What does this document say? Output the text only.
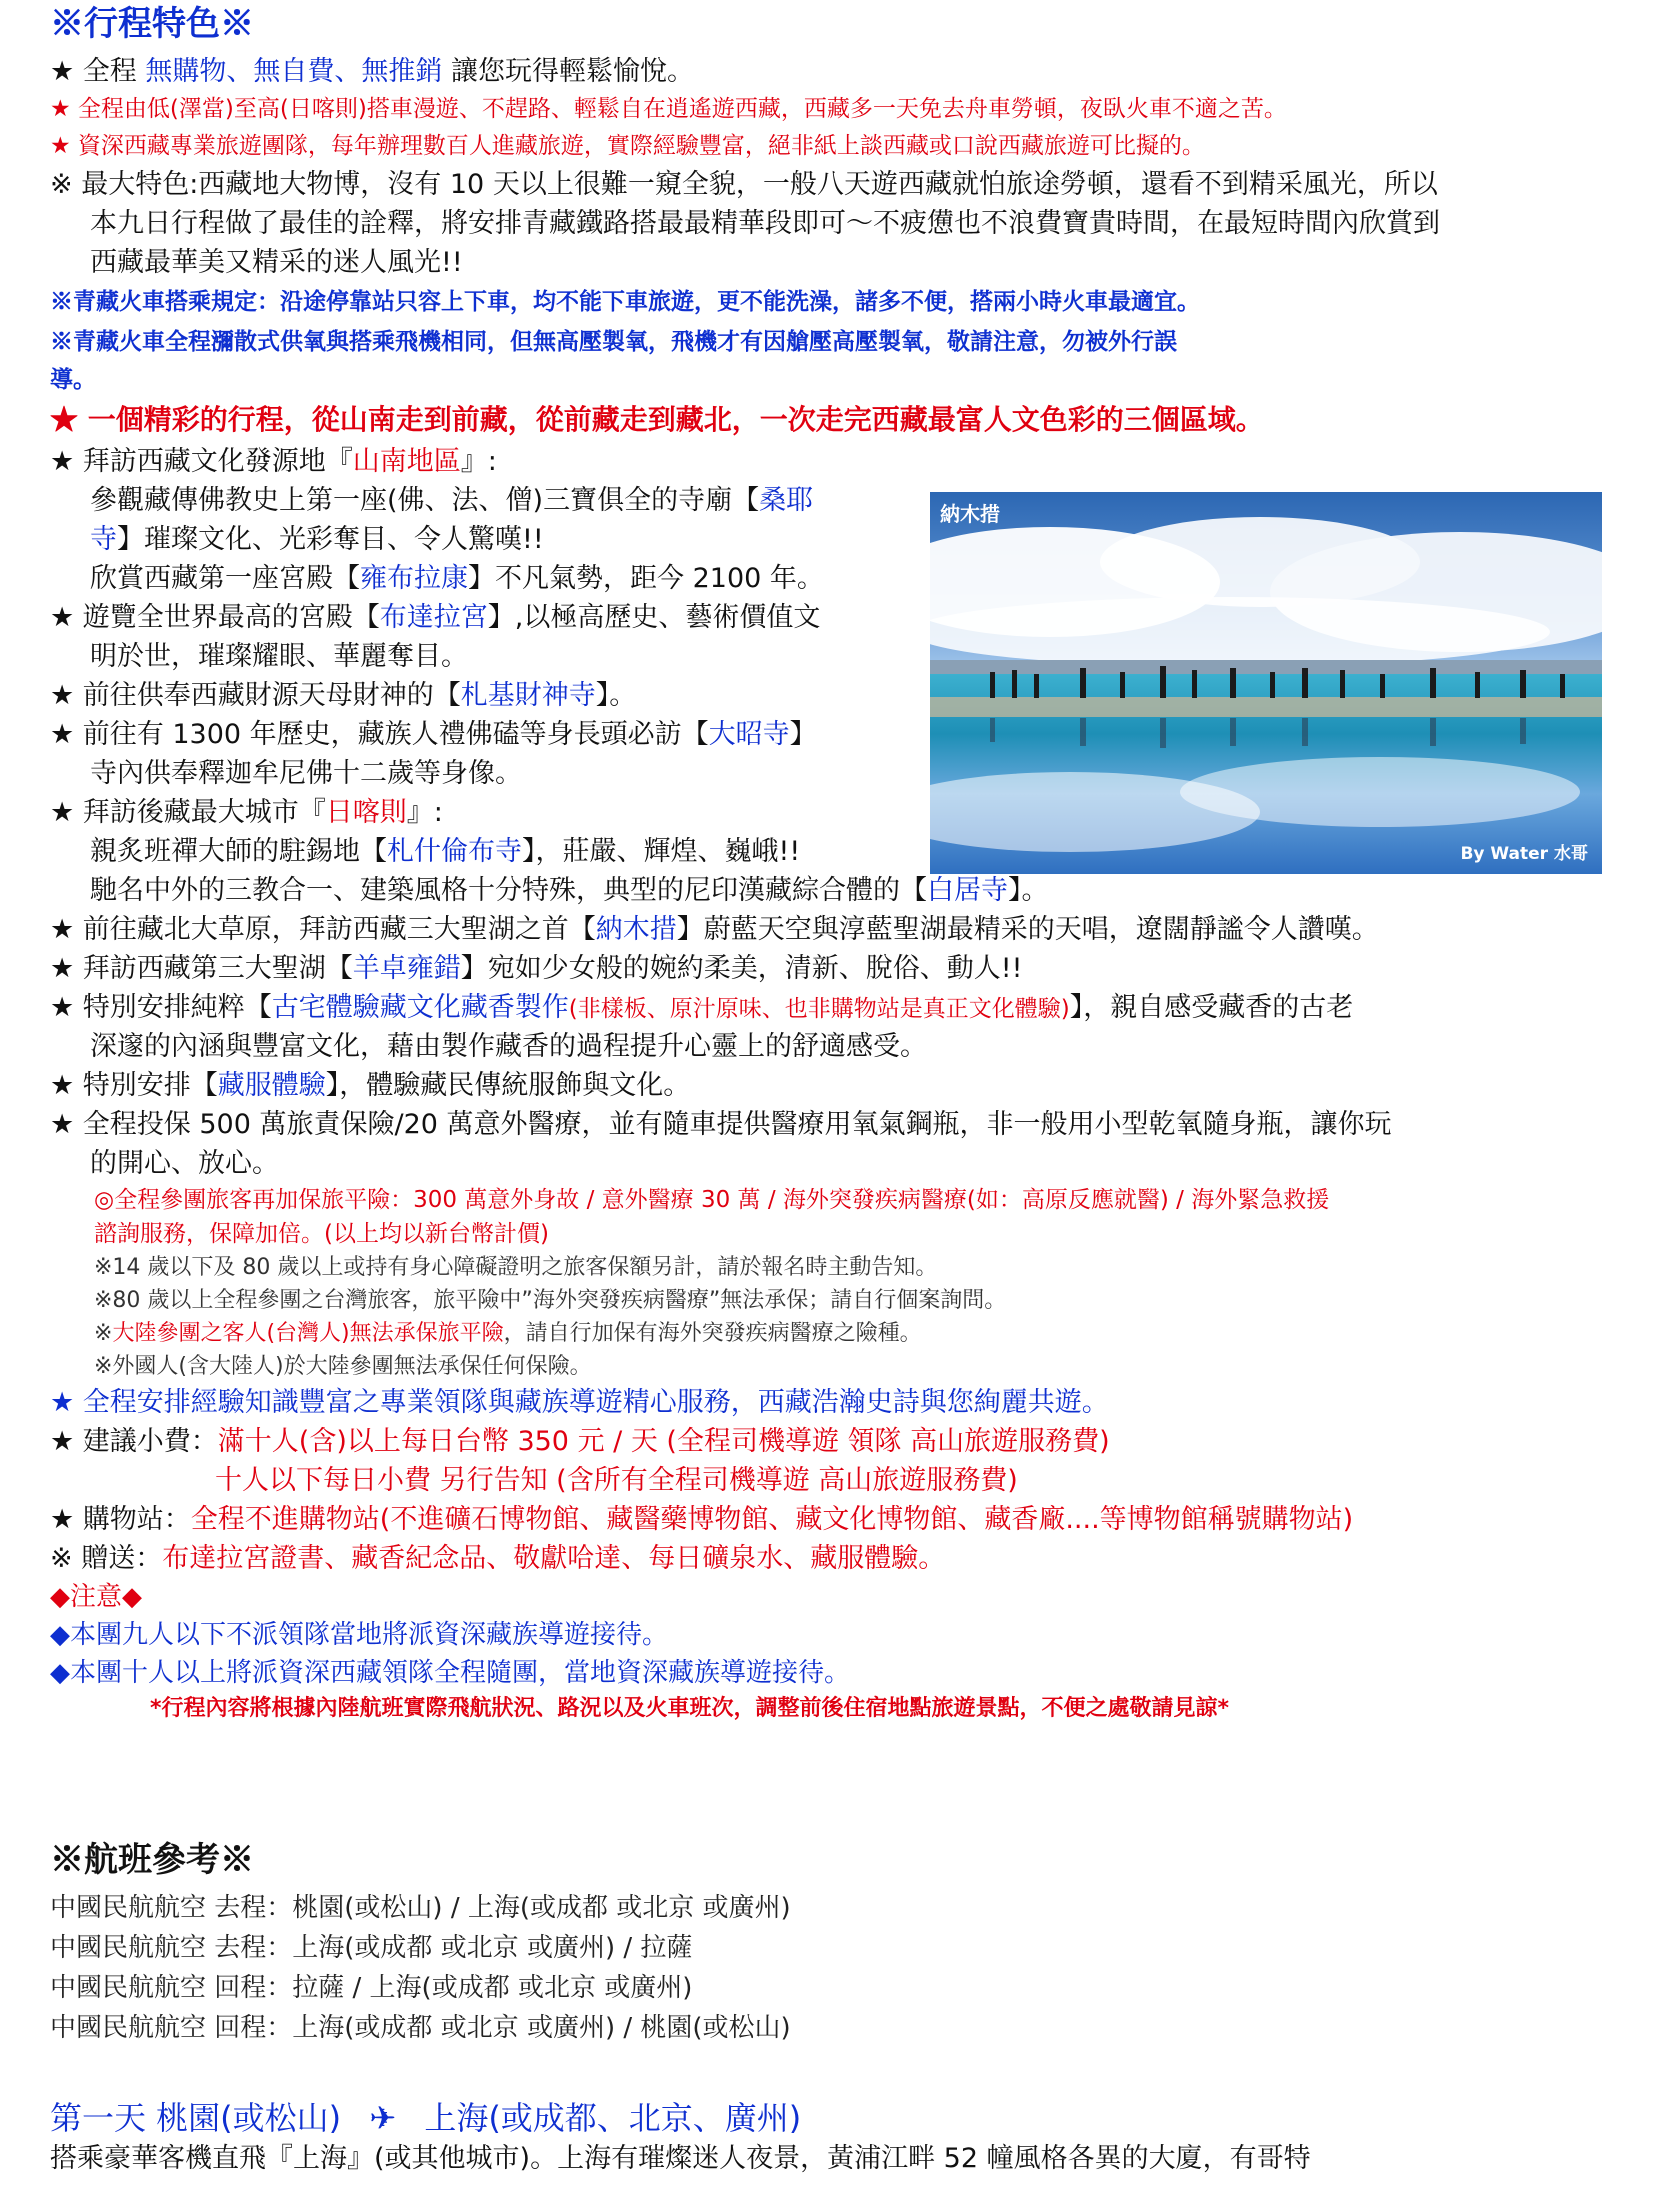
※行程特色※
★ 全程 無購物、無自費、無推銷 讓您玩得輕鬆愉悅。
★ 全程由低(澤當)至高(日喀則)搭車漫遊、不趕路、輕鬆自在逍遙遊西藏，西藏多一天免去舟車勞頓，夜臥火車不適之苦。
★ 資深西藏專業旅遊團隊，每年辦理數百人進藏旅遊，實際經驗豐富，絕非紙上談西藏或口說西藏旅遊可比擬的。
※ 最大特色:西藏地大物博，沒有 10 天以上很難一窺全貌，一般八天遊西藏就怕旅途勞頓，還看不到精采風光，所以
本九日行程做了最佳的詮釋，將安排青藏鐵路搭最最精華段即可～不疲憊也不浪費寶貴時間，在最短時間內欣賞到
西藏最華美又精采的迷人風光!!
※青藏火車搭乘規定：沿途停靠站只容上下車，均不能下車旅遊，更不能洗澡，諸多不便，搭兩小時火車最適宜。
※青藏火車全程瀰散式供氧與搭乘飛機相同，但無高壓製氧，飛機才有因艙壓高壓製氧，敬請注意，勿被外行誤
導。
★ 一個精彩的行程，從山南走到前藏，從前藏走到藏北，一次走完西藏最富人文色彩的三個區域。
★ 拜訪西藏文化發源地『山南地區』:
參觀藏傳佛教史上第一座(佛、法、僧)三寶俱全的寺廟【桑耶
寺】璀璨文化、光彩奪目、令人驚嘆!!
欣賞西藏第一座宮殿【雍布拉康】不凡氣勢，距今 2100 年。
★ 遊覽全世界最高的宮殿【布達拉宮】,以極高歷史、藝術價值文
明於世，璀璨耀眼、華麗奪目。
★ 前往供奉西藏財源天母財神的【札基財神寺】。
★ 前往有 1300 年歷史，藏族人禮佛磕等身長頭必訪【大昭寺】
寺內供奉釋迦牟尼佛十二歲等身像。
★ 拜訪後藏最大城市『日喀則』:
親炙班禪大師的駐錫地【札什倫布寺】，莊嚴、輝煌、巍峨!!
馳名中外的三教合一、建築風格十分特殊，典型的尼印漢藏綜合體的【白居寺】。
★ 前往藏北大草原，拜訪西藏三大聖湖之首【納木措】蔚藍天空與淳藍聖湖最精采的天唱，遼闊靜謐令人讚嘆。
★ 拜訪西藏第三大聖湖【羊卓雍錯】宛如少女般的婉約柔美，清新、脫俗、動人!!
★ 特別安排純粹【古宅體驗藏文化藏香製作(非樣板、原汁原味、也非購物站是真正文化體驗)】，親自感受藏香的古老
深邃的內涵與豐富文化，藉由製作藏香的過程提升心靈上的舒適感受。
★ 特別安排【藏服體驗】，體驗藏民傳統服飾與文化。
★ 全程投保 500 萬旅責保險/20 萬意外醫療，並有隨車提供醫療用氧氣鋼瓶，非一般用小型乾氧隨身瓶，讓你玩
的開心、放心。
◎全程參團旅客再加保旅平險：300 萬意外身故 / 意外醫療 30 萬 / 海外突發疾病醫療(如：高原反應就醫) / 海外緊急救援
諮詢服務，保障加倍。(以上均以新台幣計價)
※14 歲以下及 80 歲以上或持有身心障礙證明之旅客保額另計，請於報名時主動告知。
※80 歲以上全程參團之台灣旅客，旅平險中”海外突發疾病醫療”無法承保；請自行個案詢問。
※大陸參團之客人(台灣人)無法承保旅平險，請自行加保有海外突發疾病醫療之險種。
※外國人(含大陸人)於大陸參團無法承保任何保險。
★ 全程安排經驗知識豐富之專業領隊與藏族導遊精心服務，西藏浩瀚史詩與您絢麗共遊。
★ 建議小費：滿十人(含)以上每日台幣 350 元 / 天 (全程司機導遊 領隊 高山旅遊服務費)
十人以下每日小費 另行告知 (含所有全程司機導遊 高山旅遊服務費)
★ 購物站：全程不進購物站(不進礦石博物館、藏醫藥博物館、藏文化博物館、藏香廠....等博物館稱號購物站)
※ 贈送：布達拉宮證書、藏香紀念品、敬獻哈達、每日礦泉水、藏服體驗。
◆注意◆
◆本團九人以下不派領隊當地將派資深藏族導遊接待。
◆本團十人以上將派資深西藏領隊全程隨團，當地資深藏族導遊接待。
*行程內容將根據內陸航班實際飛航狀況、路況以及火車班次，調整前後住宿地點旅遊景點，不便之處敬請見諒*
納木措
By Water 水哥
※航班參考※
中國民航航空 去程：桃園(或松山) / 上海(或成都 或北京 或廣州)
中國民航航空 去程：上海(或成都 或北京 或廣州) / 拉薩
中國民航航空 回程：拉薩 / 上海(或成都 或北京 或廣州)
中國民航航空 回程：上海(或成都 或北京 或廣州) / 桃園(或松山)
第一天 桃園(或松山) ✈ 上海(或成都、北京、廣州)
搭乘豪華客機直飛『上海』(或其他城市)。上海有璀燦迷人夜景，黃浦江畔 52 幢風格各異的大廈，有哥特
